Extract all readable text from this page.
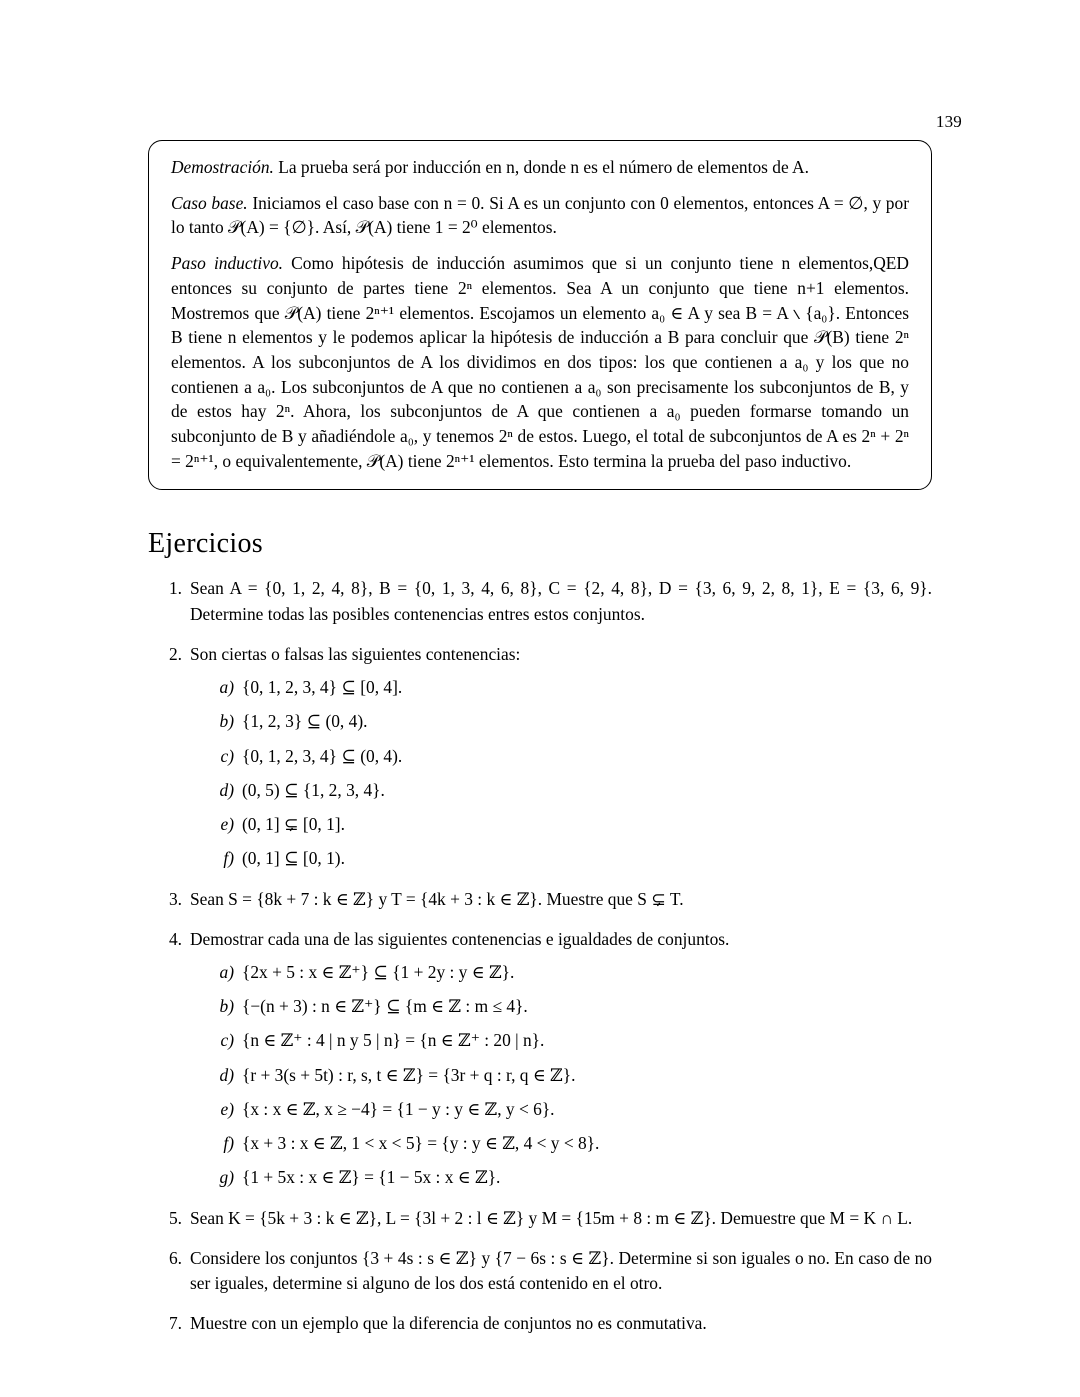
139

Demostración. La prueba será por inducción en n, donde n es el número de elementos de A.

Caso base. Iniciamos el caso base con n = 0. Si A es un conjunto con 0 elementos, entonces A = ∅, y por lo tanto 𝒫(A) = {∅}. Así, 𝒫(A) tiene 1 = 2⁰ elementos.

QED
Paso inductivo. Como hipótesis de inducción asumimos que si un conjunto tiene n elementos, entonces su conjunto de partes tiene 2ⁿ elementos. Sea A un conjunto que tiene n+1 elementos. Mostremos que 𝒫(A) tiene 2ⁿ⁺¹ elementos. Escojamos un elemento a₀ ∈ A y sea B = A ∖ {a₀}. Entonces B tiene n elementos y le podemos aplicar la hipótesis de inducción a B para concluir que 𝒫(B) tiene 2ⁿ elementos. A los subconjuntos de A los dividimos en dos tipos: los que contienen a a₀ y los que no contienen a a₀. Los subconjuntos de A que no contienen a a₀ son precisamente los subconjuntos de B, y de estos hay 2ⁿ. Ahora, los subconjuntos de A que contienen a a₀ pueden formarse tomando un subconjunto de B y añadiéndole a₀, y tenemos 2ⁿ de estos. Luego, el total de subconjuntos de A es 2ⁿ + 2ⁿ = 2ⁿ⁺¹, o equivalentemente, 𝒫(A) tiene 2ⁿ⁺¹ elementos. Esto termina la prueba del paso inductivo.

Ejercicios
1. Sean A = {0, 1, 2, 4, 8}, B = {0, 1, 3, 4, 6, 8}, C = {2, 4, 8}, D = {3, 6, 9, 2, 8, 1}, E = {3, 6, 9}. Determine todas las posibles contenencias entres estos conjuntos.
2. Son ciertas o falsas las siguientes contenencias:
a) {0, 1, 2, 3, 4} ⊆ [0, 4].
b) {1, 2, 3} ⊆ (0, 4).
c) {0, 1, 2, 3, 4} ⊆ (0, 4).
d) (0, 5) ⊆ {1, 2, 3, 4}.
e) (0, 1] ⊊ [0, 1].
f) (0, 1] ⊆ [0, 1).
3. Sean S = {8k + 7 : k ∈ ℤ} y T = {4k + 3 : k ∈ ℤ}. Muestre que S ⊊ T.
4. Demostrar cada una de las siguientes contenencias e igualdades de conjuntos.
a) {2x + 5 : x ∈ ℤ⁺} ⊆ {1 + 2y : y ∈ ℤ}.
b) {−(n + 3) : n ∈ ℤ⁺} ⊆ {m ∈ ℤ : m ≤ 4}.
c) {n ∈ ℤ⁺ : 4 | n y 5 | n} = {n ∈ ℤ⁺ : 20 | n}.
d) {r + 3(s + 5t) : r, s, t ∈ ℤ} = {3r + q : r, q ∈ ℤ}.
e) {x : x ∈ ℤ, x ≥ −4} = {1 − y : y ∈ ℤ, y < 6}.
f) {x + 3 : x ∈ ℤ, 1 < x < 5} = {y : y ∈ ℤ, 4 < y < 8}.
g) {1 + 5x : x ∈ ℤ} = {1 − 5x : x ∈ ℤ}.
5. Sean K = {5k + 3 : k ∈ ℤ}, L = {3l + 2 : l ∈ ℤ} y M = {15m + 8 : m ∈ ℤ}. Demuestre que M = K ∩ L.
6. Considere los conjuntos {3 + 4s : s ∈ ℤ} y {7 − 6s : s ∈ ℤ}. Determine si son iguales o no. En caso de no ser iguales, determine si alguno de los dos está contenido en el otro.
7. Muestre con un ejemplo que la diferencia de conjuntos no es conmutativa.
